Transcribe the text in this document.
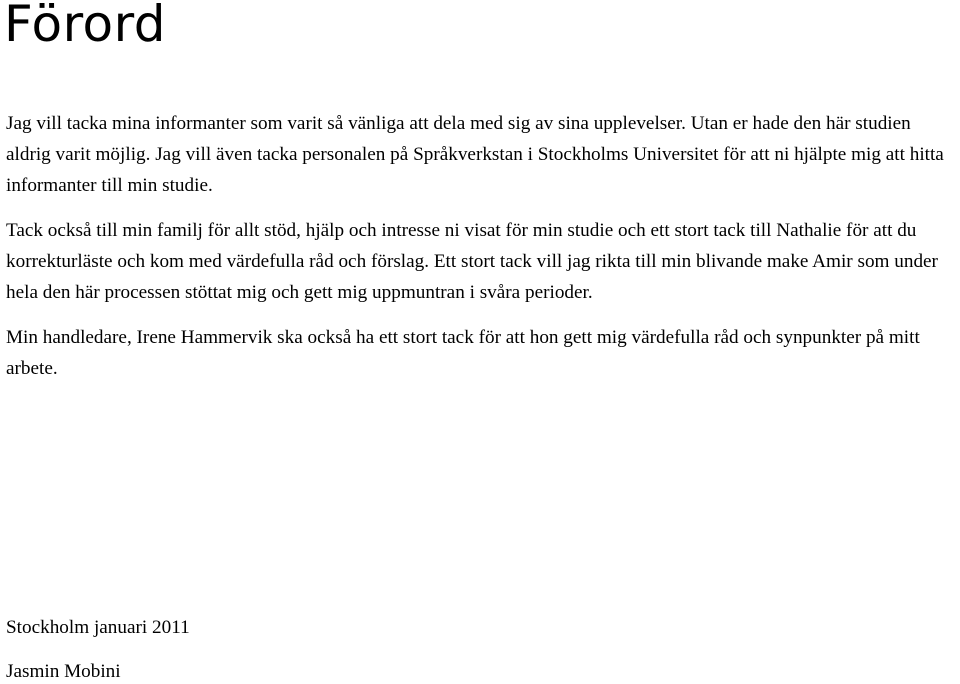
Förord

Jag vill tacka mina informanter som varit så vänliga att dela med sig av sina upplevelser. Utan er hade den här studien aldrig varit möjlig. Jag vill även tacka personalen på Språkverkstan i Stockholms Universitet för att ni hjälpte mig att hitta informanter till min studie.

Tack också till min familj för allt stöd, hjälp och intresse ni visat för min studie och ett stort tack till Nathalie för att du korrekturläste och kom med värdefulla råd och förslag. Ett stort tack vill jag rikta till min blivande make Amir som under hela den här processen stöttat mig och gett mig uppmuntran i svåra perioder.

Min handledare, Irene Hammervik ska också ha ett stort tack för att hon gett mig värdefulla råd och synpunkter på mitt arbete.

Stockholm januari 2011

Jasmin Mobini
